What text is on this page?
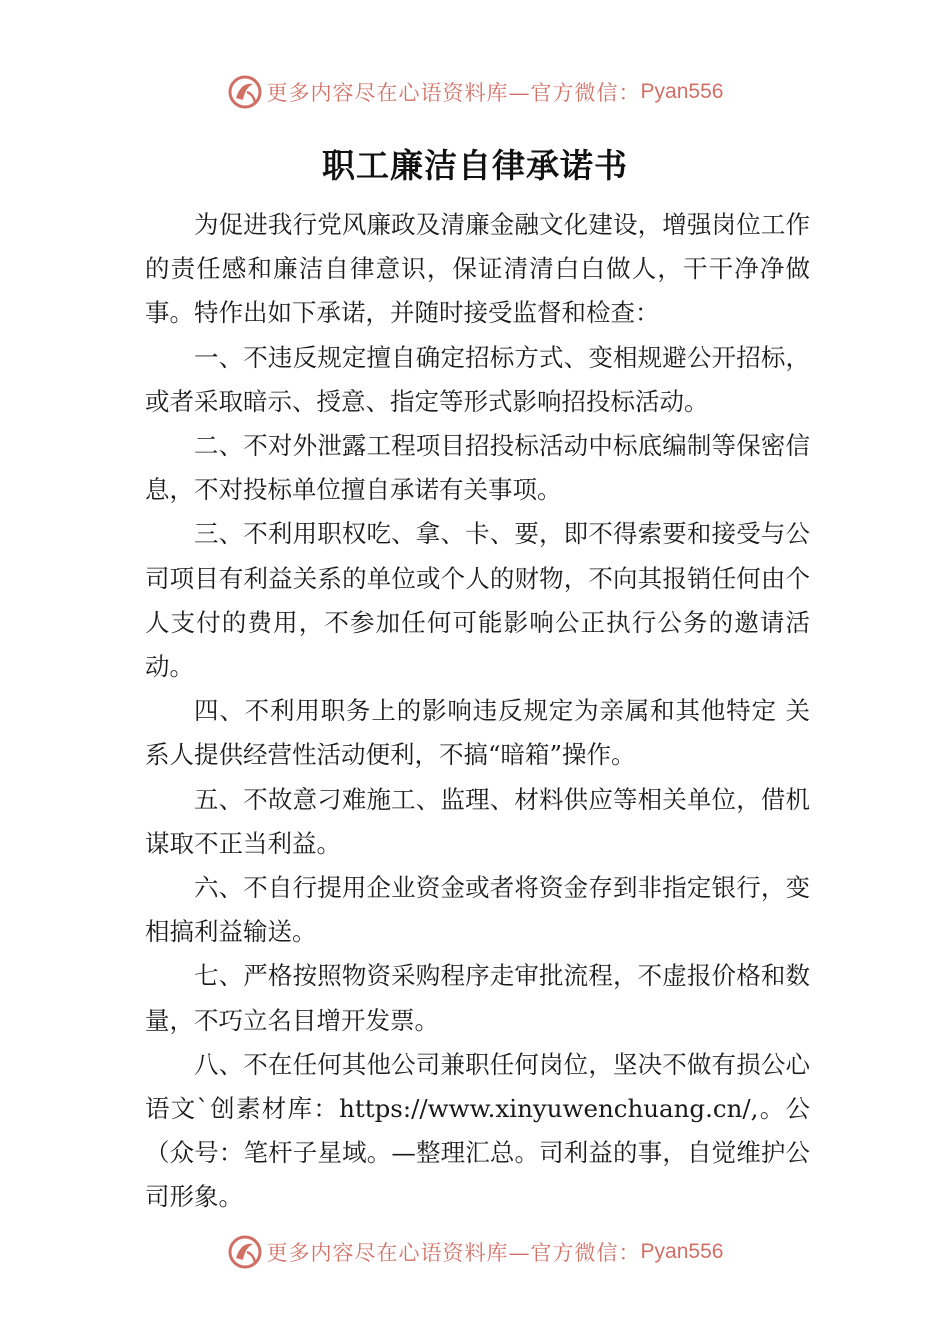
更多内容尽在心语资料库—官方微信： Pyan556
职工廉洁自律承诺书

为促进我行党风廉政及清廉金融文化建设，增强岗位工作的责任感和廉洁自律意识，保证清清白白做人，干干净净做事。特作出如下承诺，并随时接受监督和检查：

一、不违反规定擅自确定招标方式、变相规避公开招标，或者采取暗示、授意、指定等形式影响招投标活动。

二、不对外泄露工程项目招投标活动中标底编制等保密信息，不对投标单位擅自承诺有关事项。

三、不利用职权吃、拿、卡、要，即不得索要和接受与公司项目有利益关系的单位或个人的财物，不向其报销任何由个人支付的费用，不参加任何可能影响公正执行公务的邀请活动。

四、不利用职务上的影响违反规定为亲属和其他特定 关系人提供经营性活动便利，不搞“暗箱”操作。

五、不故意刁难施工、监理、材料供应等相关单位，借机谋取不正当利益。

六、不自行提用企业资金或者将资金存到非指定银行，变相搞利益输送。

七、严格按照物资采购程序走审批流程，不虚报价格和数量，不巧立名目增开发票。

八、不在任何其他公司兼职任何岗位，坚决不做有损公心语文`创素材库：https://www.xinyuwenchuang.cn/,。公（众号：笔杆子星域。—整理汇总。司利益的事，自觉维护公司形象。

更多内容尽在心语资料库—官方微信： Pyan556
